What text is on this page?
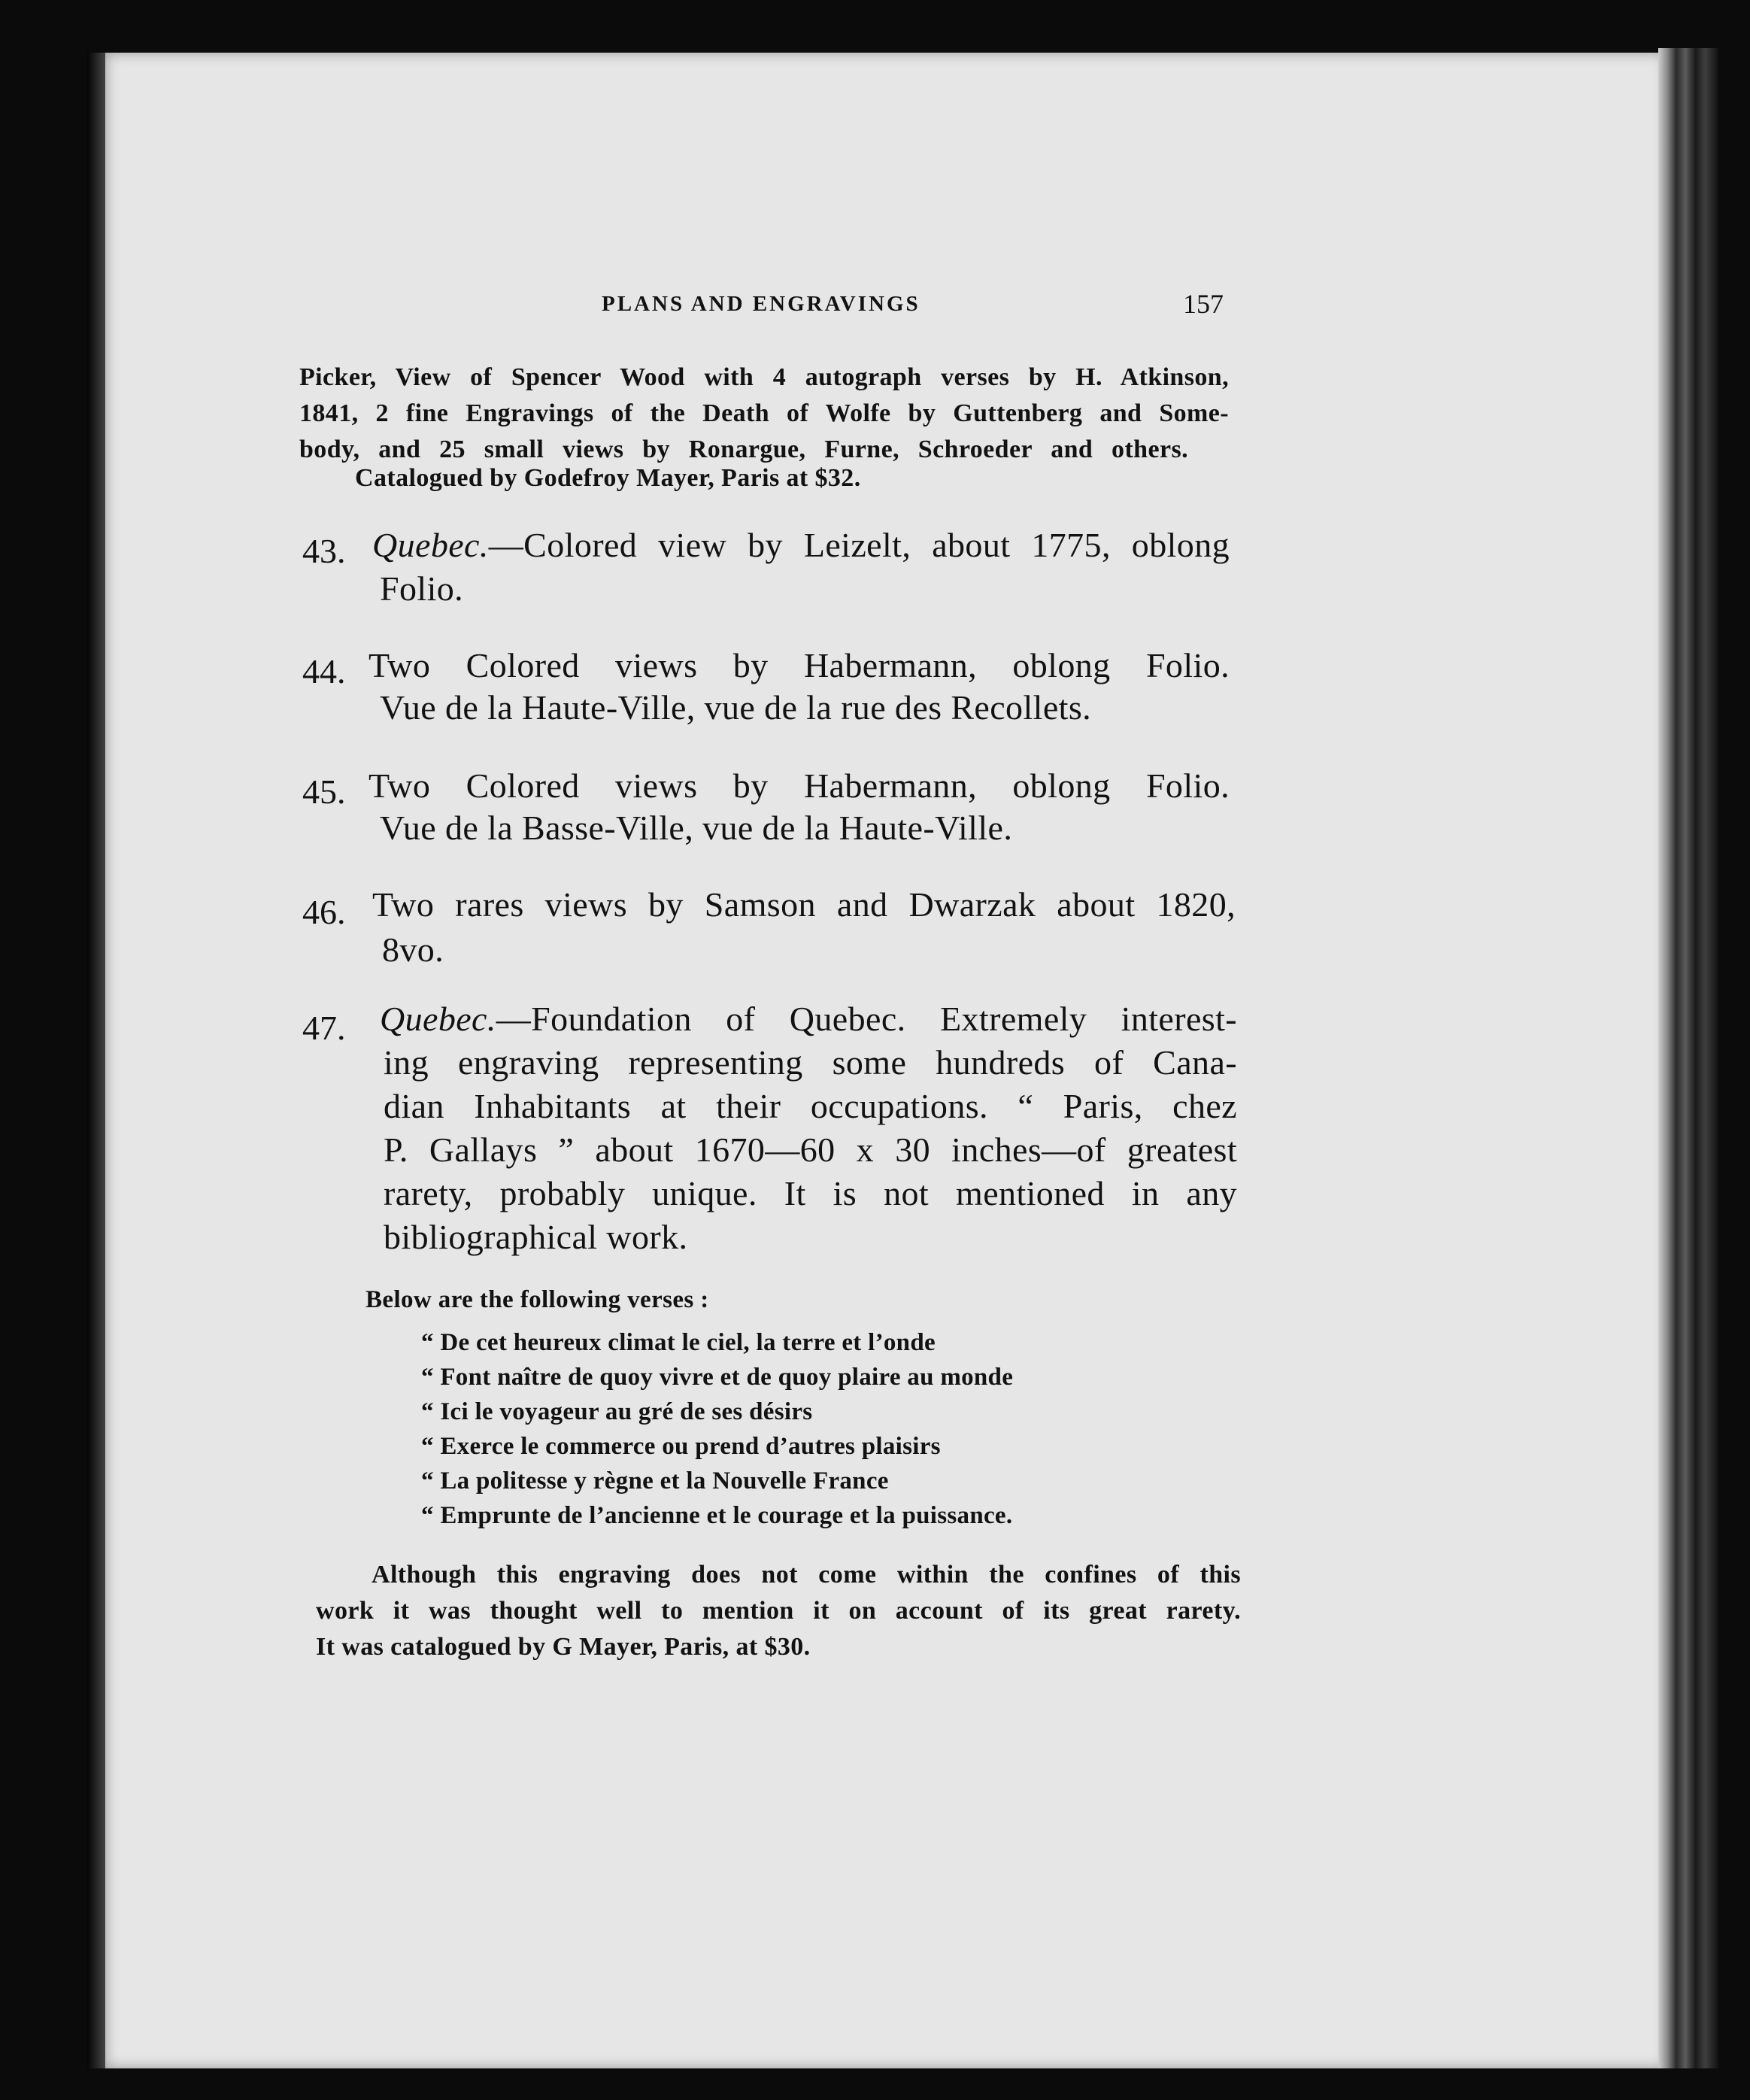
PLANS AND ENGRAVINGS	157
Picker, View of Spencer Wood with 4 autograph verses by H. Atkinson,
1841, 2 fine Engravings of the Death of Wolfe by Guttenberg and Some-
body, and 25 small views by Ronargue, Furne, Schroeder and others.
Catalogued by Godefroy Mayer, Paris at $32.
43. Quebec. —Colored view by Leizelt, about 1775, oblong
Folio.
44. Two Colored views by Habermann, oblong Folio.
Vue de la Haute-Ville, vue de la rue des Recollets.
45. Two Colored views by Habermann, oblong Folio.
Vue de la Basse-Ville, vue de la Haute-Ville.
46. Two rares views by Samson and Dwarzak about 1820,
8vo.
47. Quebec. —Foundation of Quebec. Extremely interest-
ing engraving representing some hundreds of Cana-
dian Inhabitants at their occupations. “ Paris, chez
P. Gallays ” about 1670—60 x 30 inches—of greatest
rarety, probably unique. It is not mentioned in any
bibliographical work.
Below are the following verses :
“ De cet heureux climat le ciel, la terre et l’onde
“ Font naître de quoy vivre et de quoy plaire au monde
“ Ici le voyageur au gré de ses désirs
“ Exerce le commerce ou prend d’autres plaisirs
“ La politesse y règne et la Nouvelle France
“ Emprunte de l’ancienne et le courage et la puissance.
Although this engraving does not come within the confines of this
work it was thought well to mention it on account of its great rarety.
It was catalogued by G Mayer, Paris, at $30.
